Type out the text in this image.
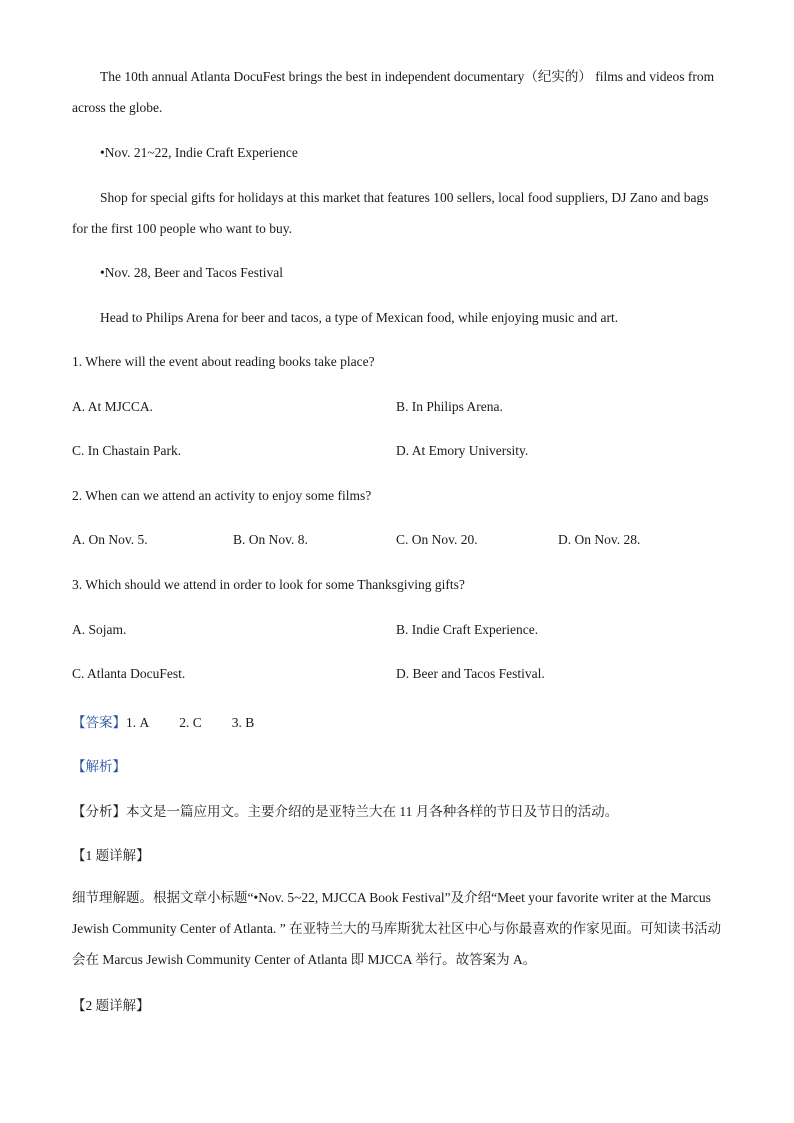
The 10th annual Atlanta DocuFest brings the best in independent documentary（纪实的） films and videos from across the globe.
•Nov. 21~22, Indie Craft Experience
Shop for special gifts for holidays at this market that features 100 sellers, local food suppliers, DJ Zano and bags for the first 100 people who want to buy.
•Nov. 28, Beer and Tacos Festival
Head to Philips Arena for beer and tacos, a type of Mexican food, while enjoying music and art.
1. Where will the event about reading books take place?
A. At MJCCA.	B. In Philips Arena.
C. In Chastain Park.	D. At Emory University.
2. When can we attend an activity to enjoy some films?
A. On Nov. 5.	B. On Nov. 8.	C. On Nov. 20.	D. On Nov. 28.
3. Which should we attend in order to look for some Thanksgiving gifts?
A. Sojam.	B. Indie Craft Experience.
C. Atlanta DocuFest.	D. Beer and Tacos Festival.
【答案】1. A 2. C 3. B
【解析】
【分析】本文是一篇应用文。主要介绍的是亚特兰大在 11 月各种各样的节日及节日的活动。
【1 题详解】
细节理解题。根据文章小标题“•Nov. 5~22, MJCCA Book Festival”及介绍“Meet your favorite writer at the Marcus Jewish Community Center of Atlanta. ” 在亚特兰大的马库斯犹太社区中心与你最喜欢的作家见面。可知读书活动会在 Marcus Jewish Community Center of Atlanta 即 MJCCA 举行。故答案为 A。
【2 题详解】
